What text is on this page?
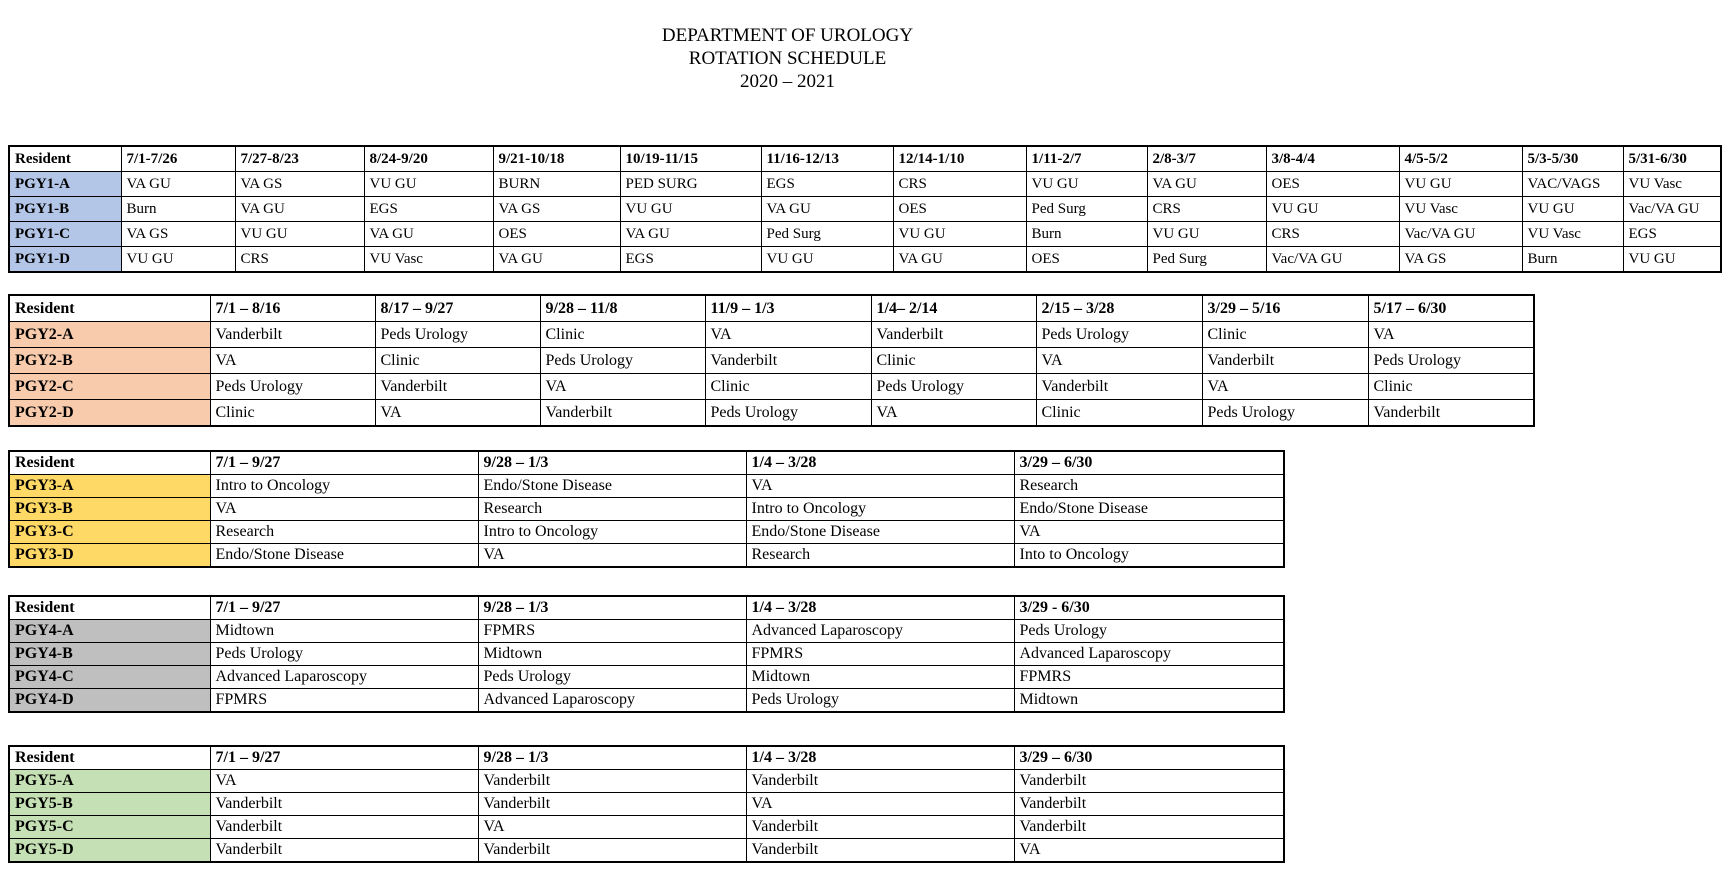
DEPARTMENT OF UROLOGY
ROTATION SCHEDULE
2020 – 2021
Resident	7/1-7/26	7/27-8/23	8/24-9/20	9/21-10/18	10/19-11/15	11/16-12/13	12/14-1/10	1/11-2/7	2/8-3/7	3/8-4/4	4/5-5/2	5/3-5/30	5/31-6/30
PGY1-A	VA GU	VA GS	VU GU	BURN	PED SURG	EGS	CRS	VU GU	VA GU	OES	VU GU	VAC/VAGS	VU Vasc
PGY1-B	Burn	VA GU	EGS	VA GS	VU GU	VA GU	OES	Ped Surg	CRS	VU GU	VU Vasc	VU GU	Vac/VA GU
PGY1-C	VA GS	VU GU	VA GU	OES	VA GU	Ped Surg	VU GU	Burn	VU GU	CRS	Vac/VA GU	VU Vasc	EGS
PGY1-D	VU GU	CRS	VU Vasc	VA GU	EGS	VU GU	VA GU	OES	Ped Surg	Vac/VA GU	VA GS	Burn	VU GU
Resident	7/1 – 8/16	8/17 – 9/27	9/28 – 11/8	11/9 – 1/3	1/4– 2/14	2/15 – 3/28	3/29 – 5/16	5/17 – 6/30
PGY2-A	Vanderbilt	Peds Urology	Clinic	VA	Vanderbilt	Peds Urology	Clinic	VA
PGY2-B	VA	Clinic	Peds Urology	Vanderbilt	Clinic	VA	Vanderbilt	Peds Urology
PGY2-C	Peds Urology	Vanderbilt	VA	Clinic	Peds Urology	Vanderbilt	VA	Clinic
PGY2-D	Clinic	VA	Vanderbilt	Peds Urology	VA	Clinic	Peds Urology	Vanderbilt
Resident	7/1 – 9/27	9/28 – 1/3	1/4 – 3/28	3/29 – 6/30
PGY3-A	Intro to Oncology	Endo/Stone Disease	VA	Research
PGY3-B	VA	Research	Intro to Oncology	Endo/Stone Disease
PGY3-C	Research	Intro to Oncology	Endo/Stone Disease	VA
PGY3-D	Endo/Stone Disease	VA	Research	Into to Oncology
Resident	7/1 – 9/27	9/28 – 1/3	1/4 – 3/28	3/29 - 6/30
PGY4-A	Midtown	FPMRS	Advanced Laparoscopy	Peds Urology
PGY4-B	Peds Urology	Midtown	FPMRS	Advanced Laparoscopy
PGY4-C	Advanced Laparoscopy	Peds Urology	Midtown	FPMRS
PGY4-D	FPMRS	Advanced Laparoscopy	Peds Urology	Midtown
Resident	7/1 – 9/27	9/28 – 1/3	1/4 – 3/28	3/29 – 6/30
PGY5-A	VA	Vanderbilt	Vanderbilt	Vanderbilt
PGY5-B	Vanderbilt	Vanderbilt	VA	Vanderbilt
PGY5-C	Vanderbilt	VA	Vanderbilt	Vanderbilt
PGY5-D	Vanderbilt	Vanderbilt	Vanderbilt	VA
